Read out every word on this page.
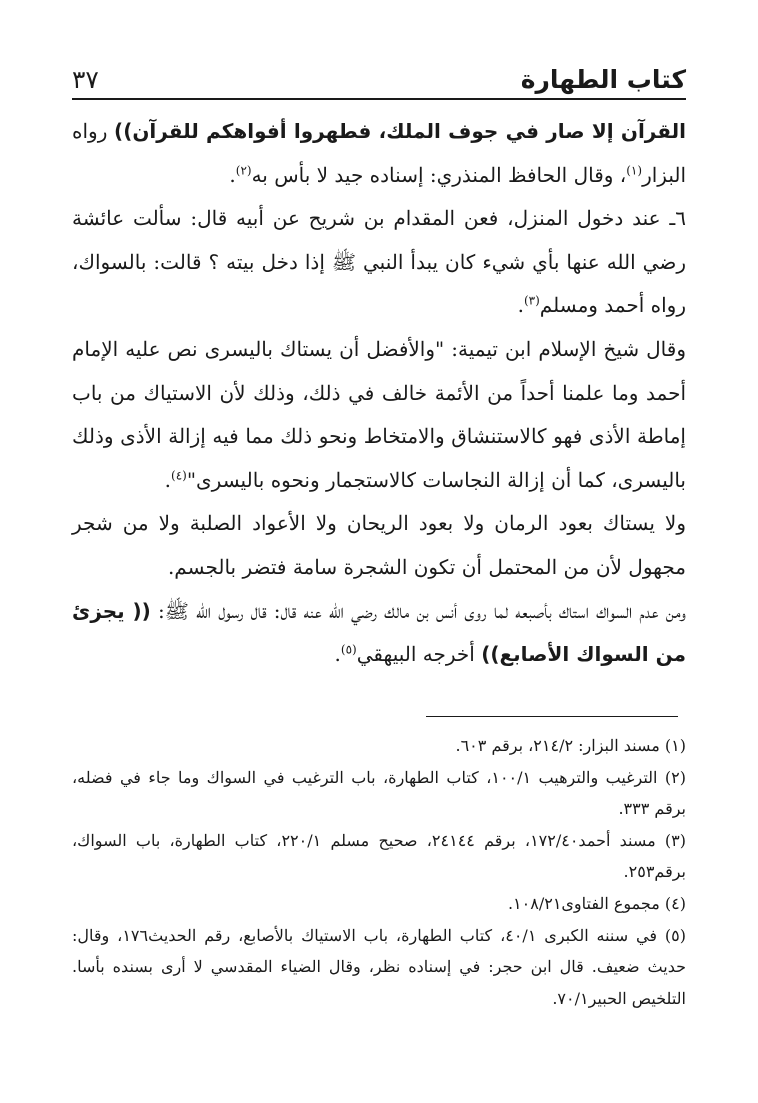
كتاب الطهارة
٣٧

القرآن إلا صار في جوف الملك، فطهروا أفواهكم للقرآن)) رواه البزار$^{(١)}$، وقال الحافظ المنذري: إسناده جيد لا بأس به$^{(٢)}$.

٦ـ عند دخول المنزل، فعن المقدام بن شريح عن أبيه قال: سألت عائشة رضي الله عنها بأي شيء كان يبدأ النبي ﷺ إذا دخل بيته ؟ قالت: بالسواك، رواه أحمد ومسلم$^{(٣)}$.

وقال شيخ الإسلام ابن تيمية: "والأفضل أن يستاك باليسرى نص عليه الإمام أحمد وما علمنا أحداً من الأئمة خالف في ذلك، وذلك لأن الاستياك من باب إماطة الأذى فهو كالاستنشاق والامتخاط ونحو ذلك مما فيه إزالة الأذى وذلك باليسرى، كما أن إزالة النجاسات كالاستجمار ونحوه باليسرى"$^{(٤)}$.

ولا يستاك بعود الرمان ولا بعود الريحان ولا الأعواد الصلبة ولا من شجر مجهول لأن من المحتمل أن تكون الشجرة سامة فتضر بالجسم.

ومن عدم السواك استاك بأصبعه لما روى أنس بن مالك رضي الله عنه قال: قال رسول الله ﷺ: (( يجزئ من السواك الأصابع)) أخرجه البيهقي$^{(٥)}$.

(١) مسند البزار: ٢١٤/٢، برقم ٦٠٣.

(٢) الترغيب والترهيب ١٠٠/١، كتاب الطهارة، باب الترغيب في السواك وما جاء في فضله، برقم ٣٣٣.

(٣) مسند أحمد١٧٢/٤٠، برقم ٢٤١٤٤، صحيح مسلم ٢٢٠/١، كتاب الطهارة، باب السواك، برقم٢٥٣.

(٤) مجموع الفتاوى١٠٨/٢١.

(٥) في سننه الكبرى ٤٠/١، كتاب الطهارة، باب الاستياك بالأصابع، رقم الحديث١٧٦، وقال: حديث ضعيف. قال ابن حجر: في إسناده نظر، وقال الضياء المقدسي لا أرى بسنده بأسا. التلخيص الحبير٧٠/١.
